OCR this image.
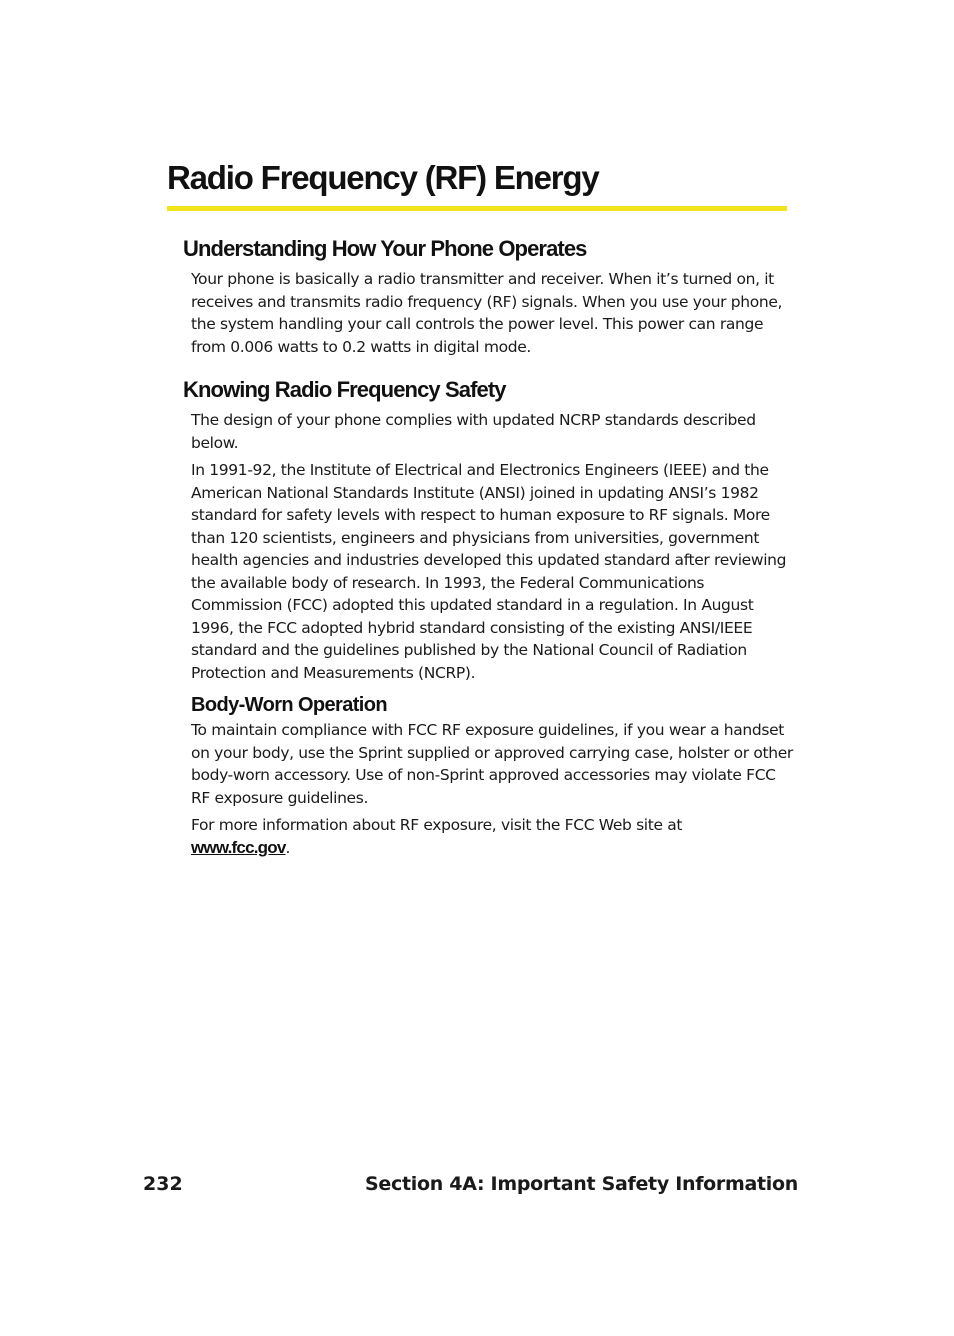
Radio Frequency (RF) Energy
Understanding How Your Phone Operates

Your phone is basically a radio transmitter and receiver. When it’s turned on, it receives and transmits radio frequency (RF) signals. When you use your phone, the system handling your call controls the power level. This power can range from 0.006 watts to 0.2 watts in digital mode.

Knowing Radio Frequency Safety

The design of your phone complies with updated NCRP standards described below.

In 1991-92, the Institute of Electrical and Electronics Engineers (IEEE) and the American National Standards Institute (ANSI) joined in updating ANSI’s 1982 standard for safety levels with respect to human exposure to RF signals. More than 120 scientists, engineers and physicians from universities, government health agencies and industries developed this updated standard after reviewing the available body of research. In 1993, the Federal Communications Commission (FCC) adopted this updated standard in a regulation. In August 1996, the FCC adopted hybrid standard consisting of the existing ANSI/IEEE standard and the guidelines published by the National Council of Radiation Protection and Measurements (NCRP).

Body-Worn Operation

To maintain compliance with FCC RF exposure guidelines, if you wear a handset on your body, use the Sprint supplied or approved carrying case, holster or other body-worn accessory. Use of non-Sprint approved accessories may violate FCC RF exposure guidelines.

For more information about RF exposure, visit the FCC Web site at
www.fcc.gov.

232	Section 4A: Important Safety Information
